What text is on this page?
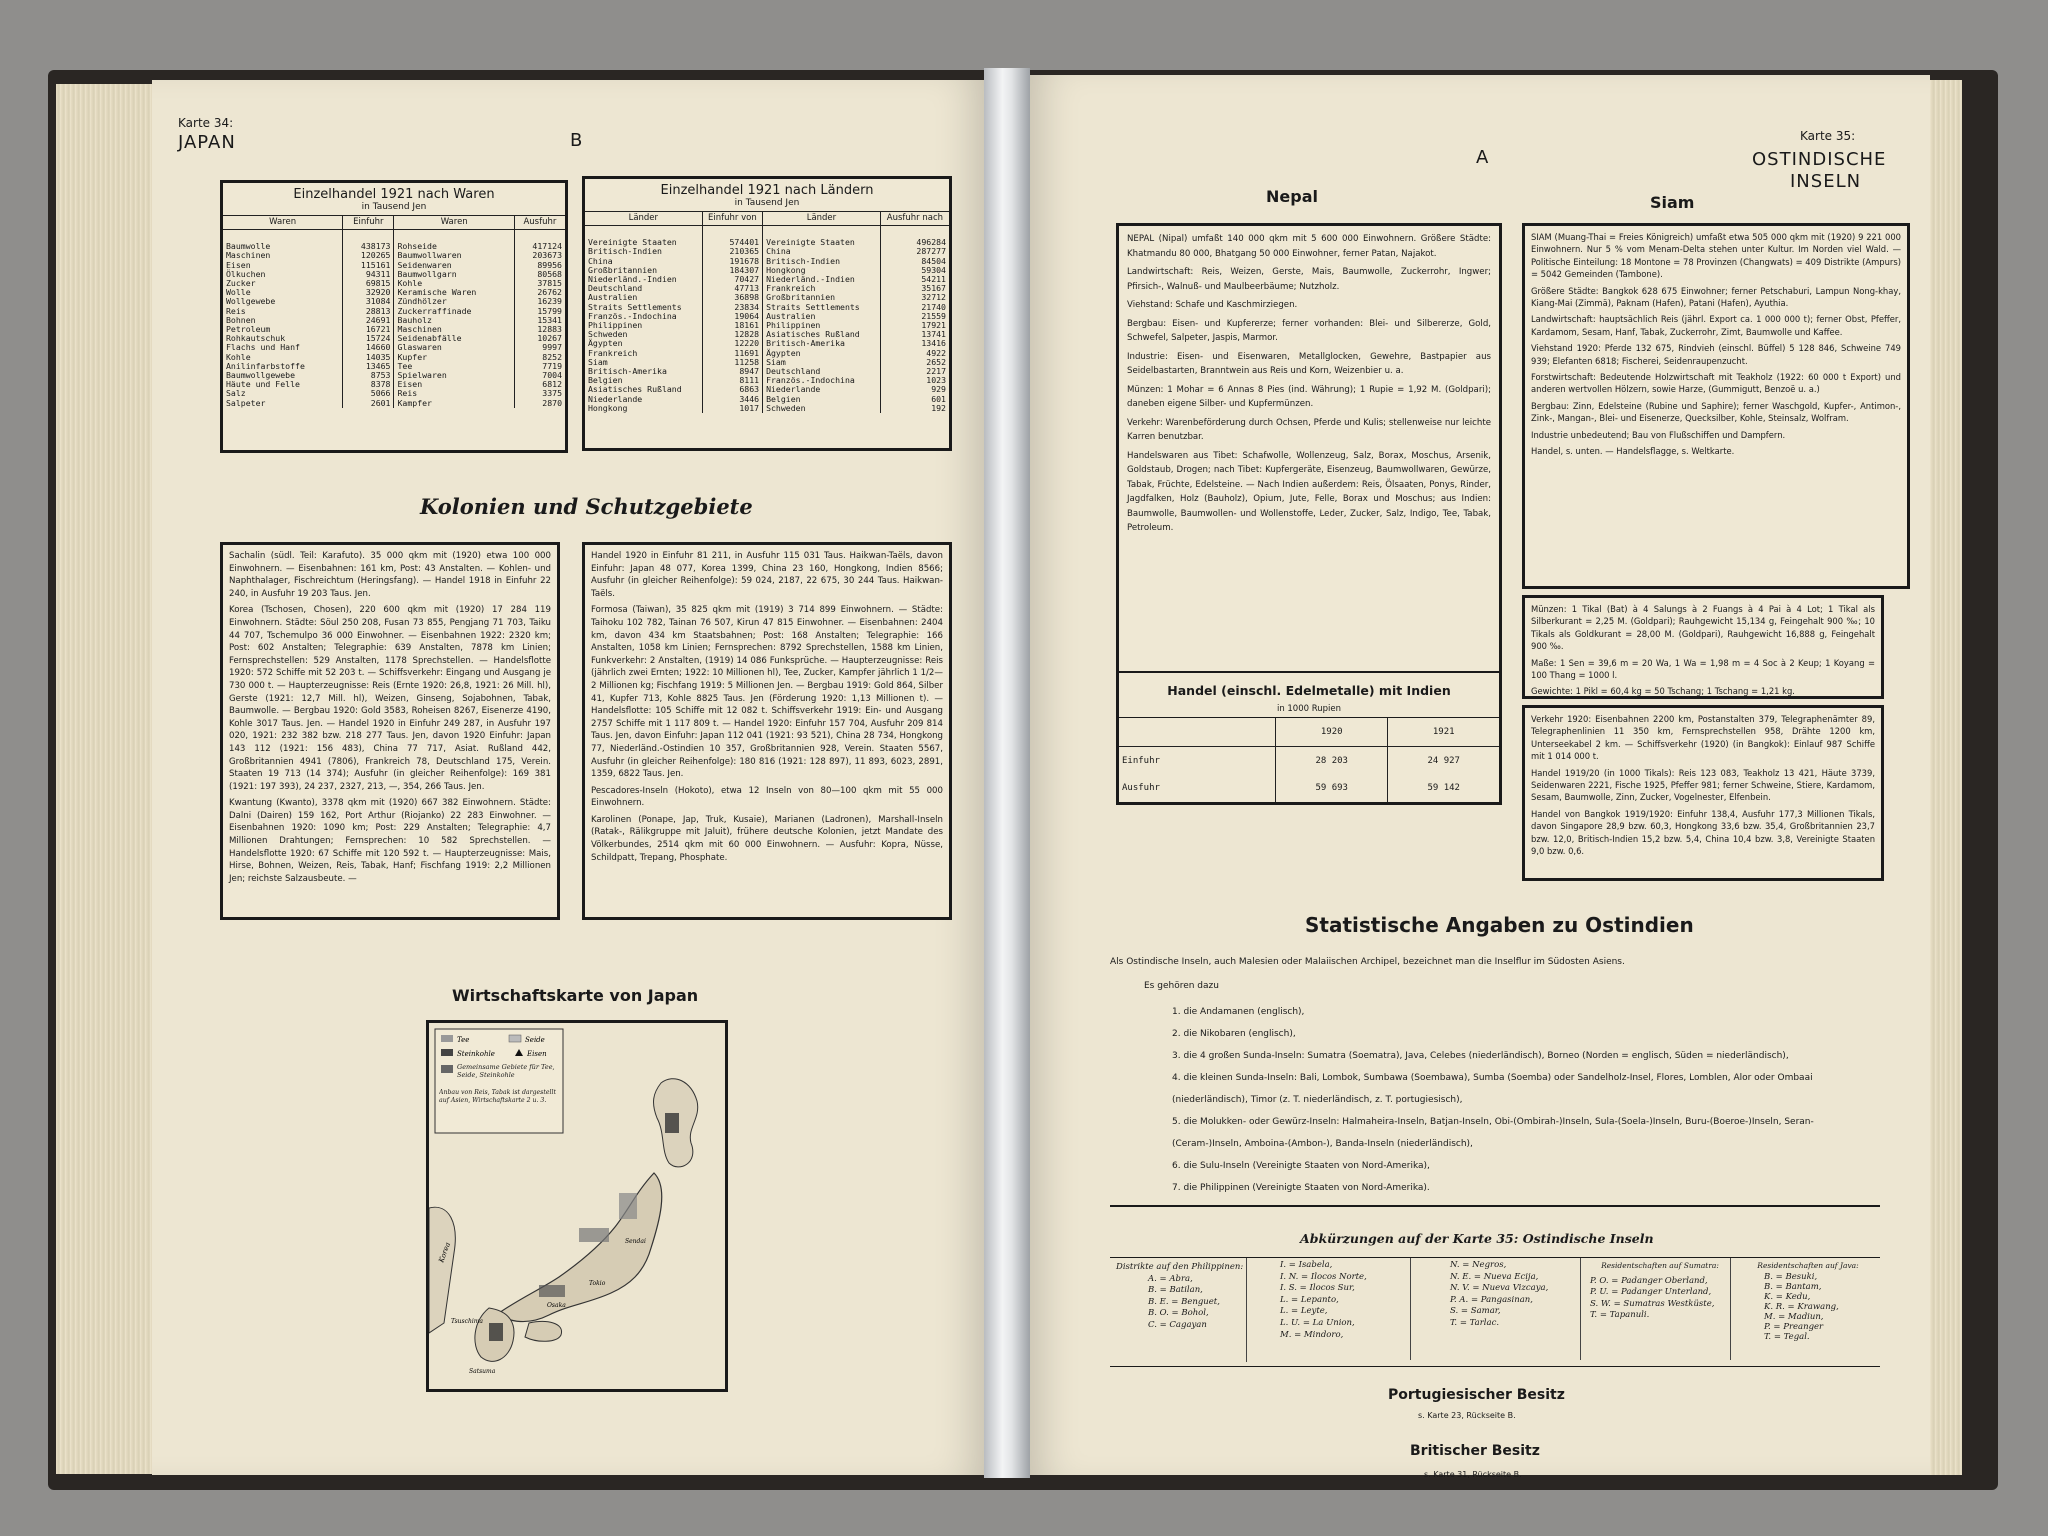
Karte 34:
JAPAN	B
Einzelhandel 1921 nach Waren
in Tausend Jen
Waren	Einfuhr	Waren	Ausfuhr

Baumwolle	438173	Rohseide	417124
Maschinen	120265	Baumwollwaren	203673
Eisen	115161	Seidenwaren	89956
Ölkuchen	94311	Baumwollgarn	80568
Zucker	69815	Kohle	37815
Wolle	32920	Keramische Waren	26762
Wollgewebe	31084	Zündhölzer	16239
Reis	28813	Zuckerraffinade	15799
Bohnen	24691	Bauholz	15341
Petroleum	16721	Maschinen	12883
Rohkautschuk	15724	Seidenabfälle	10267
Flachs und Hanf	14660	Glaswaren	9997
Kohle	14035	Kupfer	8252
Anilinfarbstoffe	13465	Tee	7719
Baumwollgewebe	8753	Spielwaren	7004
Häute und Felle	8378	Eisen	6812
Salz	5066	Reis	3375
Salpeter	2601	Kampfer	2870
Einzelhandel 1921 nach Ländern
in Tausend Jen
Länder	Einfuhr von	Länder	Ausfuhr nach

Vereinigte Staaten	574401	Vereinigte Staaten	496284
Britisch-Indien	210365	China	287277
China	191678	Britisch-Indien	84504
Großbritannien	184307	Hongkong	59304
Niederländ.-Indien	70427	Niederländ.-Indien	54211
Deutschland	47713	Frankreich	35167
Australien	36898	Großbritannien	32712
Straits Settlements	23834	Straits Settlements	21740
Französ.-Indochina	19064	Australien	21559
Philippinen	18161	Philippinen	17921
Schweden	12828	Asiatisches Rußland	13741
Ägypten	12220	Britisch-Amerika	13416
Frankreich	11691	Ägypten	4922
Siam	11258	Siam	2652
Britisch-Amerika	8947	Deutschland	2217
Belgien	8111	Französ.-Indochina	1023
Asiatisches Rußland	6863	Niederlande	929
Niederlande	3446	Belgien	601
Hongkong	1017	Schweden	192
Kolonien und Schutzgebiete

Sachalin (südl. Teil: Karafuto). 35 000 qkm mit (1920) etwa 100 000 Einwohnern. — Eisenbahnen: 161 km, Post: 43 Anstalten. — Kohlen- und Naphthalager, Fischreichtum (Heringsfang). — Handel 1918 in Einfuhr 22 240, in Ausfuhr 19 203 Taus. Jen.

Korea (Tschosen, Chosen), 220 600 qkm mit (1920) 17 284 119 Einwohnern. Städte: Söul 250 208, Fusan 73 855, Pengjang 71 703, Taiku 44 707, Tschemulpo 36 000 Einwohner. — Eisenbahnen 1922: 2320 km; Post: 602 Anstalten; Telegraphie: 639 Anstalten, 7878 km Linien; Fernsprechstellen: 529 Anstalten, 1178 Sprechstellen. — Handelsflotte 1920: 572 Schiffe mit 52 203 t. — Schiffsverkehr: Eingang und Ausgang je 730 000 t. — Haupterzeugnisse: Reis (Ernte 1920: 26,8, 1921: 26 Mill. hl), Gerste (1921: 12,7 Mill. hl), Weizen, Ginseng, Sojabohnen, Tabak, Baumwolle. — Bergbau 1920: Gold 3583, Roheisen 8267, Eisenerze 4190, Kohle 3017 Taus. Jen. — Handel 1920 in Einfuhr 249 287, in Ausfuhr 197 020, 1921: 232 382 bzw. 218 277 Taus. Jen, davon 1920 Einfuhr: Japan 143 112 (1921: 156 483), China 77 717, Asiat. Rußland 442, Großbritannien 4941 (7806), Frankreich 78, Deutschland 175, Verein. Staaten 19 713 (14 374); Ausfuhr (in gleicher Reihenfolge): 169 381 (1921: 197 393), 24 237, 2327, 213, —, 354, 266 Taus. Jen.

Kwantung (Kwanto), 3378 qkm mit (1920) 667 382 Einwohnern. Städte: Dalni (Dairen) 159 162, Port Arthur (Riojanko) 22 283 Einwohner. — Eisenbahnen 1920: 1090 km; Post: 229 Anstalten; Telegraphie: 4,7 Millionen Drahtungen; Fernsprechen: 10 582 Sprechstellen. — Handelsflotte 1920: 67 Schiffe mit 120 592 t. — Haupterzeugnisse: Mais, Hirse, Bohnen, Weizen, Reis, Tabak, Hanf; Fischfang 1919: 2,2 Millionen Jen; reichste Salzausbeute. —

Handel 1920 in Einfuhr 81 211, in Ausfuhr 115 031 Taus. Haikwan-Taëls, davon Einfuhr: Japan 48 077, Korea 1399, China 23 160, Hongkong, Indien 8566; Ausfuhr (in gleicher Reihenfolge): 59 024, 2187, 22 675, 30 244 Taus. Haikwan-Taëls.

Formosa (Taiwan), 35 825 qkm mit (1919) 3 714 899 Einwohnern. — Städte: Taihoku 102 782, Tainan 76 507, Kirun 47 815 Einwohner. — Eisenbahnen: 2404 km, davon 434 km Staatsbahnen; Post: 168 Anstalten; Telegraphie: 166 Anstalten, 1058 km Linien; Fernsprechen: 8792 Sprechstellen, 1588 km Linien, Funkverkehr: 2 Anstalten, (1919) 14 086 Funksprüche. — Haupterzeugnisse: Reis (jährlich zwei Ernten; 1922: 10 Millionen hl), Tee, Zucker, Kampfer jährlich 1 1/2—2 Millionen kg; Fischfang 1919: 5 Millionen Jen. — Bergbau 1919: Gold 864, Silber 41, Kupfer 713, Kohle 8825 Taus. Jen (Förderung 1920: 1,13 Millionen t). — Handelsflotte: 105 Schiffe mit 12 082 t. Schiffsverkehr 1919: Ein- und Ausgang 2757 Schiffe mit 1 117 809 t. — Handel 1920: Einfuhr 157 704, Ausfuhr 209 814 Taus. Jen, davon Einfuhr: Japan 112 041 (1921: 93 521), China 28 734, Hongkong 77, Niederländ.-Ostindien 10 357, Großbritannien 928, Verein. Staaten 5567, Ausfuhr (in gleicher Reihenfolge): 180 816 (1921: 128 897), 11 893, 6023, 2891, 1359, 6822 Taus. Jen.

Pescadores-Inseln (Hokoto), etwa 12 Inseln von 80—100 qkm mit 55 000 Einwohnern.

Karolinen (Ponape, Jap, Truk, Kusaie), Marianen (Ladronen), Marshall-Inseln (Ratak-, Rälikgruppe mit Jaluit), frühere deutsche Kolonien, jetzt Mandate des Völkerbundes, 2514 qkm mit 60 000 Einwohnern. — Ausfuhr: Kopra, Nüsse, Schildpatt, Trepang, Phosphate.

Wirtschaftskarte von Japan
Tee	Seide
Steinkohle	Eisen
Gemeinsame Gebiete für Tee, Seide, Steinkohle
Anbau von Reis, Tabak ist dargestellt auf Asien, Wirtschaftskarte 2 u. 3.
Korea
Tsuschima
Satsuma
Osaka
Sendai
Tokio
A
Karte 35:
OSTINDISCHE
INSELN
Nepal

NEPAL (Nipal) umfaßt 140 000 qkm mit 5 600 000 Einwohnern. Größere Städte: Khatmandu 80 000, Bhatgang 50 000 Einwohner, ferner Patan, Najakot.

Landwirtschaft: Reis, Weizen, Gerste, Mais, Baumwolle, Zuckerrohr, Ingwer; Pfirsich-, Walnuß- und Maulbeerbäume; Nutzholz.

Viehstand: Schafe und Kaschmirziegen.

Bergbau: Eisen- und Kupfererze; ferner vorhanden: Blei- und Silbererze, Gold, Schwefel, Salpeter, Jaspis, Marmor.

Industrie: Eisen- und Eisenwaren, Metallglocken, Gewehre, Bastpapier aus Seidelbastarten, Branntwein aus Reis und Korn, Weizenbier u. a.

Münzen: 1 Mohar = 6 Annas 8 Pies (ind. Währung); 1 Rupie = 1,92 M. (Goldpari); daneben eigene Silber- und Kupfermünzen.

Verkehr: Warenbeförderung durch Ochsen, Pferde und Kulis; stellenweise nur leichte Karren benutzbar.

Handelswaren aus Tibet: Schafwolle, Wollenzeug, Salz, Borax, Moschus, Arsenik, Goldstaub, Drogen; nach Tibet: Kupfergeräte, Eisenzeug, Baumwollwaren, Gewürze, Tabak, Früchte, Edelsteine. — Nach Indien außerdem: Reis, Ölsaaten, Ponys, Rinder, Jagdfalken, Holz (Bauholz), Opium, Jute, Felle, Borax und Moschus; aus Indien: Baumwolle, Baumwollen- und Wollenstoffe, Leder, Zucker, Salz, Indigo, Tee, Tabak, Petroleum.

Handel (einschl. Edelmetalle) mit Indien
in 1000 Rupien
	1920	1921
Einfuhr	28 203	24 927
Ausfuhr	59 693	59 142
Siam

SIAM (Muang-Thai = Freies Königreich) umfaßt etwa 505 000 qkm mit (1920) 9 221 000 Einwohnern. Nur 5 % vom Menam-Delta stehen unter Kultur. Im Norden viel Wald. — Politische Einteilung: 18 Montone = 78 Provinzen (Changwats) = 409 Distrikte (Ampurs) = 5042 Gemeinden (Tambone).

Größere Städte: Bangkok 628 675 Einwohner; ferner Petschaburi, Lampun Nong-khay, Kiang-Mai (Zimmä), Paknam (Hafen), Patani (Hafen), Ayuthia.

Landwirtschaft: hauptsächlich Reis (jährl. Export ca. 1 000 000 t); ferner Obst, Pfeffer, Kardamom, Sesam, Hanf, Tabak, Zuckerrohr, Zimt, Baumwolle und Kaffee.

Viehstand 1920: Pferde 132 675, Rindvieh (einschl. Büffel) 5 128 846, Schweine 749 939; Elefanten 6818; Fischerei, Seidenraupenzucht.

Forstwirtschaft: Bedeutende Holzwirtschaft mit Teakholz (1922: 60 000 t Export) und anderen wertvollen Hölzern, sowie Harze, (Gummigutt, Benzoë u. a.)

Bergbau: Zinn, Edelsteine (Rubine und Saphire); ferner Waschgold, Kupfer-, Antimon-, Zink-, Mangan-, Blei- und Eisenerze, Quecksilber, Kohle, Steinsalz, Wolfram.

Industrie unbedeutend; Bau von Flußschiffen und Dampfern.

Handel, s. unten. — Handelsflagge, s. Weltkarte.

Münzen: 1 Tikal (Bat) à 4 Salungs à 2 Fuangs à 4 Pai à 4 Lot; 1 Tikal als Silberkurant = 2,25 M. (Goldpari); Rauhgewicht 15,134 g, Feingehalt 900 ‰; 10 Tikals als Goldkurant = 28,00 M. (Goldpari), Rauhgewicht 16,888 g, Feingehalt 900 ‰.

Maße: 1 Sen = 39,6 m = 20 Wa, 1 Wa = 1,98 m = 4 Soc à 2 Keup; 1 Koyang = 100 Thang = 1000 l.

Gewichte: 1 Pikl = 60,4 kg = 50 Tschang; 1 Tschang = 1,21 kg.

Verkehr 1920: Eisenbahnen 2200 km, Postanstalten 379, Telegraphenämter 89, Telegraphenlinien 11 350 km, Fernsprechstellen 958, Drähte 1200 km, Unterseekabel 2 km. — Schiffsverkehr (1920) (in Bangkok): Einlauf 987 Schiffe mit 1 014 000 t.

Handel 1919/20 (in 1000 Tikals): Reis 123 083, Teakholz 13 421, Häute 3739, Seidenwaren 2221, Fische 1925, Pfeffer 981; ferner Schweine, Stiere, Kardamom, Sesam, Baumwolle, Zinn, Zucker, Vogelnester, Elfenbein.

Handel von Bangkok 1919/1920: Einfuhr 138,4, Ausfuhr 177,3 Millionen Tikals, davon Singapore 28,9 bzw. 60,3, Hongkong 33,6 bzw. 35,4, Großbritannien 23,7 bzw. 12,0, Britisch-Indien 15,2 bzw. 5,4, China 10,4 bzw. 3,8, Vereinigte Staaten 9,0 bzw. 0,6.

Statistische Angaben zu Ostindien
Als Ostindische Inseln, auch Malesien oder Malaiischen Archipel, bezeichnet man die Inselflur im Südosten Asiens.
Es gehören dazu
1. die Andamanen (englisch),
2. die Nikobaren (englisch),
3. die 4 großen Sunda-Inseln: Sumatra (Soematra), Java, Celebes (niederländisch), Borneo (Norden = englisch, Süden = niederländisch),
4. die kleinen Sunda-Inseln: Bali, Lombok, Sumbawa (Soembawa), Sumba (Soemba) oder Sandelholz-Insel, Flores, Lomblen, Alor oder Ombaai (niederländisch), Timor (z. T. niederländisch, z. T. portugiesisch),
5. die Molukken- oder Gewürz-Inseln: Halmaheira-Inseln, Batjan-Inseln, Obi-(Ombirah-)Inseln, Sula-(Soela-)Inseln, Buru-(Boeroe-)Inseln, Seran-(Ceram-)Inseln, Amboina-(Ambon-), Banda-Inseln (niederländisch),
6. die Sulu-Inseln (Vereinigte Staaten von Nord-Amerika),
7. die Philippinen (Vereinigte Staaten von Nord-Amerika).
Abkürzungen auf der Karte 35: Ostindische Inseln
Distrikte auf den Philippinen:
A. = Abra,
B. = Batilan,
B. E. = Benguet,
B. O. = Bohol,
C. = Cagayan
I. = Isabela,
I. N. = Ilocos Norte,
I. S. = Ilocos Sur,
L. = Lepanto,
L. = Leyte,
L. U. = La Union,
M. = Mindoro,
N. = Negros,
N. E. = Nueva Ecija,
N. V. = Nueva Vizcaya,
P. A. = Pangasinan,
S. = Samar,
T. = Tarlac.
Residentschaften auf Sumatra:
P. O. = Padanger Oberland,
P. U. = Padanger Unterland,
S. W. = Sumatras Westküste,
T. = Tapanuli.
Residentschaften auf Java:
B. = Besuki,
B. = Bantam,
K. = Kedu,
K. R. = Krawang,
M. = Madiun,
P. = Preanger
T. = Tegal.
Portugiesischer Besitz
s. Karte 23, Rückseite B.
Britischer Besitz
s. Karte 31, Rückseite B.
